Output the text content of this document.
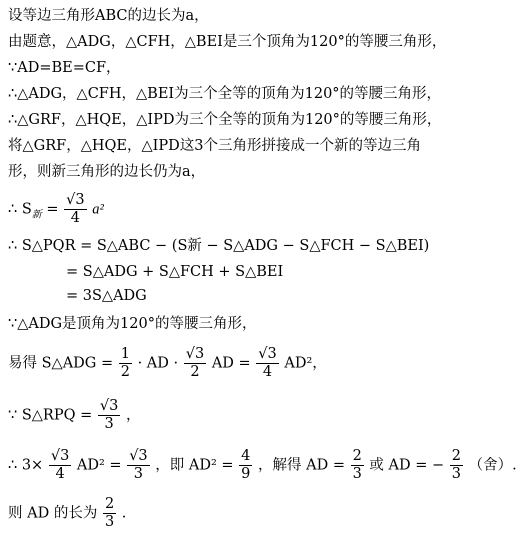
设等边三角形ABC的边长为a，
由题意，△ADG，△CFH，△BEI是三个顶角为120°的等腰三角形，
∵AD=BE=CF，
∴△ADG，△CFH，△BEI为三个全等的顶角为120°的等腰三角形，
∴△GRF，△HQE，△IPD为三个全等的顶角为120°的等腰三角形，
将△GRF，△HQE，△IPD这3个三角形拼接成一个新的等边三角
形，则新三角形的边长仍为a，
∴ $S_新 = \frac{√3}{4} a^2$
∴ S△PQR = S△ABC − (S新 − S△ADG − S△FCH − S△BEI)
= S△ADG + S△FCH + S△BEI
= 3S△ADG
∵△ADG是顶角为120°的等腰三角形，
易得 S△ADG = $\frac{1}{2}$ · AD · $\frac{√3}{2}$ AD = $\frac{√3}{4} AD^2$，
∵ S△RPQ = $\frac{√3}{3}$ ，
∴ $3\times \frac{√3}{4} AD^2 = \frac{√3}{3}$ ，即 $AD^2 = \frac{4}{9}$ ，解得 AD = $\frac{2}{3}$ 或 AD = − $\frac{2}{3}$ （舍）.
则 AD 的长为 $\frac{2}{3}$ .
